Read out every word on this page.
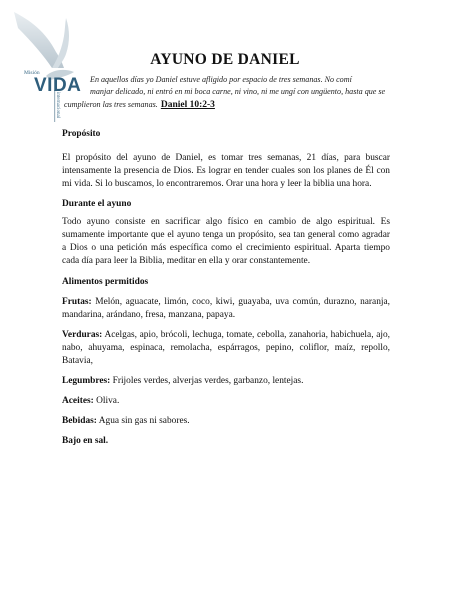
Misión
VIDA
internacional
AYUNO DE DANIEL
En aquellos días yo Daniel estuve afligido por espacio de tres semanas. No comí
manjar delicado, ni entró en mi boca carne, ni vino, ni me ungí con ungüento, hasta que se
cumplieron las tres semanas. Daniel 10:2-3

Propósito

El propósito del ayuno de Daniel, es tomar tres semanas, 21 días, para buscar intensamente la presencia de Dios. Es lograr en tender cuales son los planes de Él con mi vida. Si lo buscamos, lo encontraremos. Orar una hora y leer la biblia una hora.

Durante el ayuno

Todo ayuno consiste en sacrificar algo físico en cambio de algo espiritual. Es sumamente importante que el ayuno tenga un propósito, sea tan general como agradar a Dios o una petición más específica como el crecimiento espiritual. Aparta tiempo cada día para leer la Biblia, meditar en ella y orar constantemente.

Alimentos permitidos

Frutas: Melón, aguacate, limón, coco, kiwi, guayaba, uva común, durazno, naranja, mandarina, arándano, fresa, manzana, papaya.

Verduras: Acelgas, apio, brócoli, lechuga, tomate, cebolla, zanahoria, habichuela, ajo, nabo, ahuyama, espinaca, remolacha, espárragos, pepino, coliflor, maíz, repollo, Batavia,

Legumbres: Frijoles verdes, alverjas verdes, garbanzo, lentejas.

Aceites: Oliva.

Bebidas: Agua sin gas ni sabores.

Bajo en sal.
